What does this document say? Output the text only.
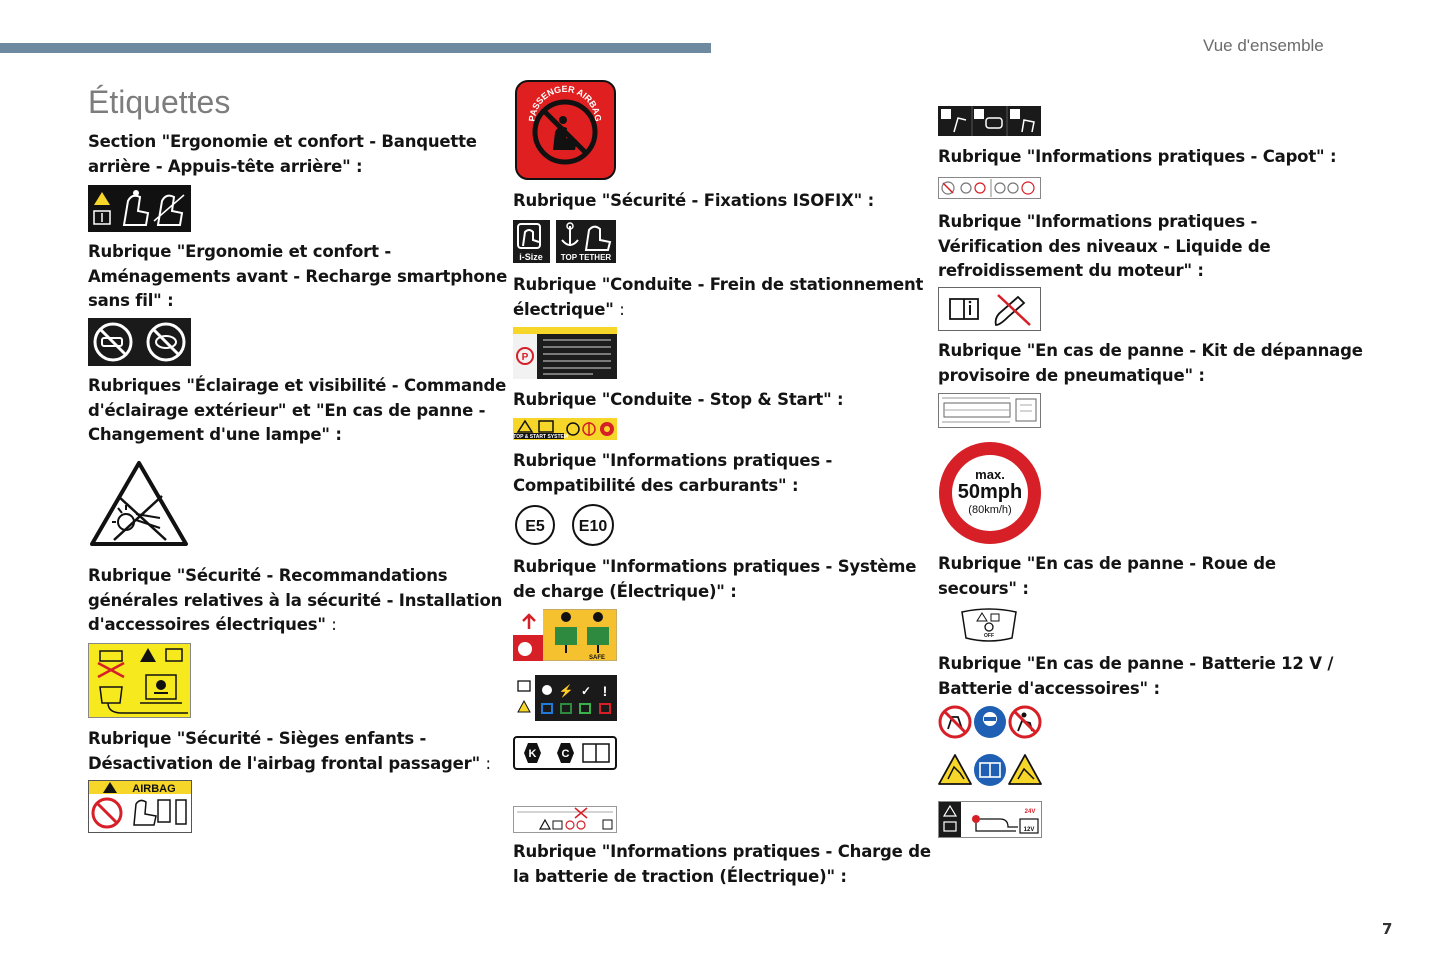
Vue d'ensemble
Étiquettes

Section "Ergonomie et confort - Banquette
arrière - Appuis-tête arrière" :

Rubrique "Ergonomie et confort -
Aménagements avant - Recharge smartphone
sans fil" :

Rubriques "Éclairage et visibilité - Commande
d'éclairage extérieur" et "En cas de panne -
Changement d'une lampe" :

Rubrique "Sécurité - Recommandations
générales relatives à la sécurité - Installation
d'accessoires électriques" :

Rubrique "Sécurité - Sièges enfants -
Désactivation de l'airbag frontal passager" :

AIRBAG
PASSENGER AIRBAG

Rubrique "Sécurité - Fixations ISOFIX" :

i-Size TOP TETHER

Rubrique "Conduite - Frein de stationnement
électrique" :

P

Rubrique "Conduite - Stop & Start" :

STOP & START SYSTEM

Rubrique "Informations pratiques -
Compatibilité des carburants" :

E5 E10

Rubrique "Informations pratiques - Système
de charge (Électrique)" :

SAFE
⚡ ✓ !
K C

Rubrique "Informations pratiques - Charge de
la batterie de traction (Électrique)" :

Rubrique "Informations pratiques - Capot" :

Rubrique "Informations pratiques -
Vérification des niveaux - Liquide de
refroidissement du moteur" :

Rubrique "En cas de panne - Kit de dépannage
provisoire de pneumatique" :

max.
50mph
(80km/h)

Rubrique "En cas de panne - Roue de
secours" :

OFF

Rubrique "En cas de panne - Batterie 12 V /
Batterie d'accessoires" :

24V
12V
7
